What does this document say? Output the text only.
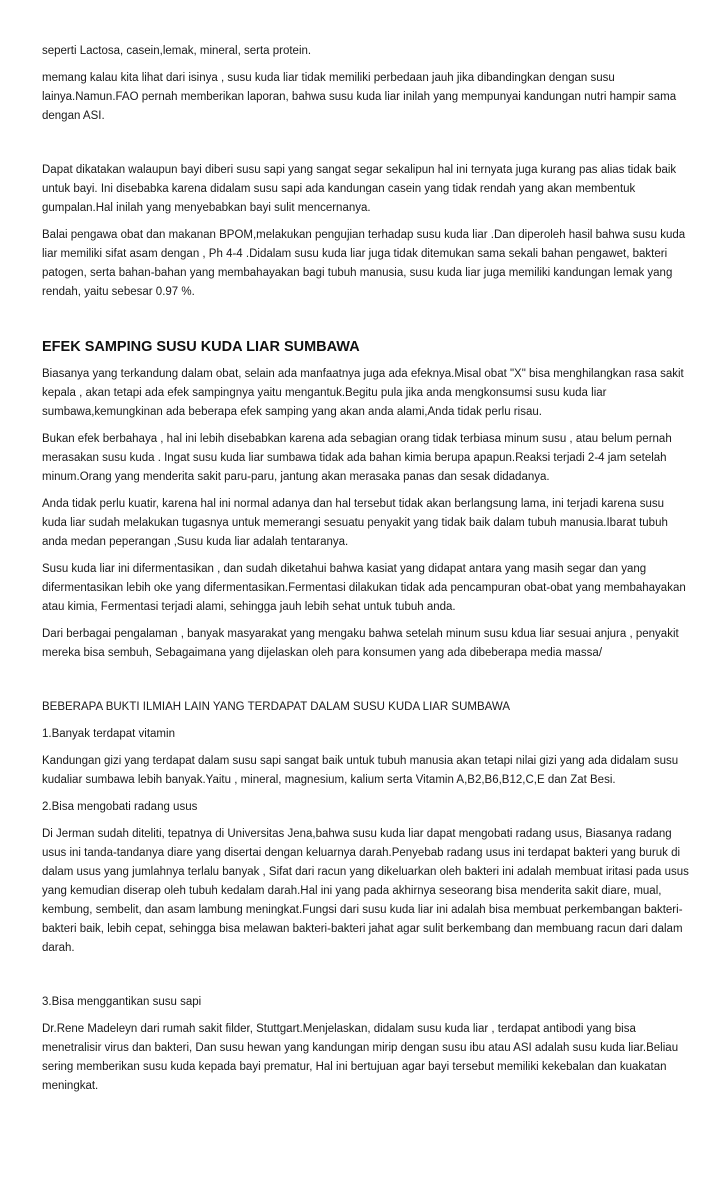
seperti Lactosa, casein,lemak, mineral, serta protein.

memang kalau kita lihat dari isinya , susu kuda liar tidak memiliki perbedaan jauh jika dibandingkan dengan susu lainya.Namun.FAO pernah memberikan laporan, bahwa susu kuda liar inilah yang mempunyai kandungan nutri hampir sama dengan ASI.

Dapat dikatakan walaupun bayi diberi susu sapi yang sangat segar sekalipun hal ini ternyata juga kurang pas alias tidak baik untuk bayi. Ini disebabka karena didalam susu sapi ada kandungan casein yang tidak rendah yang akan membentuk gumpalan.Hal inilah yang menyebabkan bayi sulit mencernanya.

Balai pengawa obat dan makanan BPOM,melakukan pengujian terhadap susu kuda liar .Dan diperoleh hasil bahwa susu kuda liar memiliki sifat asam dengan , Ph 4-4 .Didalam susu kuda liar juga tidak ditemukan sama sekali bahan pengawet, bakteri patogen, serta bahan-bahan yang membahayakan bagi tubuh manusia, susu kuda liar juga memiliki kandungan lemak yang rendah, yaitu sebesar 0.97 %.

EFEK SAMPING SUSU KUDA LIAR SUMBAWA

Biasanya yang terkandung dalam obat, selain ada manfaatnya juga ada efeknya.Misal obat "X" bisa menghilangkan rasa sakit kepala , akan tetapi ada efek sampingnya yaitu mengantuk.Begitu pula jika anda mengkonsumsi susu kuda liar sumbawa,kemungkinan ada beberapa efek samping yang akan anda alami,Anda tidak perlu risau.

Bukan efek berbahaya , hal ini lebih disebabkan karena ada sebagian orang tidak terbiasa minum susu , atau belum pernah merasakan susu kuda . Ingat susu kuda liar sumbawa tidak ada bahan kimia berupa apapun.Reaksi terjadi 2-4 jam setelah minum.Orang yang menderita sakit paru-paru, jantung akan merasaka panas dan sesak didadanya.

Anda tidak perlu kuatir, karena hal ini normal adanya dan hal tersebut tidak akan berlangsung lama, ini terjadi karena susu kuda liar sudah melakukan tugasnya untuk memerangi sesuatu penyakit yang tidak baik dalam tubuh manusia.Ibarat tubuh anda medan peperangan ,Susu kuda liar adalah tentaranya.

Susu kuda liar ini difermentasikan , dan sudah diketahui bahwa kasiat yang didapat antara yang masih segar dan yang difermentasikan lebih oke yang difermentasikan.Fermentasi dilakukan tidak ada pencampuran obat-obat yang membahayakan atau kimia, Fermentasi terjadi alami, sehingga jauh lebih sehat untuk tubuh anda.

Dari berbagai pengalaman , banyak masyarakat yang mengaku bahwa setelah minum susu kdua liar sesuai anjura , penyakit mereka bisa sembuh, Sebagaimana yang dijelaskan oleh para konsumen yang ada dibeberapa media massa/

BEBERAPA BUKTI ILMIAH LAIN YANG TERDAPAT DALAM SUSU KUDA LIAR SUMBAWA

1.Banyak terdapat vitamin

Kandungan gizi yang terdapat dalam susu sapi sangat baik untuk tubuh manusia akan tetapi nilai gizi yang ada didalam susu kudaliar sumbawa lebih banyak.Yaitu , mineral, magnesium, kalium serta Vitamin A,B2,B6,B12,C,E dan Zat Besi.

2.Bisa mengobati radang usus

Di Jerman sudah diteliti, tepatnya di Universitas Jena,bahwa susu kuda liar dapat mengobati radang usus, Biasanya radang usus ini tanda-tandanya diare yang disertai dengan keluarnya darah.Penyebab radang usus ini terdapat bakteri yang buruk di dalam usus yang jumlahnya terlalu banyak , Sifat dari racun yang dikeluarkan oleh bakteri ini adalah membuat iritasi pada usus yang kemudian diserap oleh tubuh kedalam darah.Hal ini yang pada akhirnya seseorang bisa menderita sakit diare, mual, kembung, sembelit, dan asam lambung meningkat.Fungsi dari susu kuda liar ini adalah bisa membuat perkembangan bakteri-bakteri baik, lebih cepat, sehingga bisa melawan bakteri-bakteri jahat agar sulit berkembang dan membuang racun dari dalam darah.

3.Bisa menggantikan susu sapi

Dr.Rene Madeleyn dari rumah sakit filder, Stuttgart.Menjelaskan, didalam susu kuda liar , terdapat antibodi yang bisa menetralisir virus dan bakteri, Dan susu hewan yang kandungan mirip dengan susu ibu atau ASI adalah susu kuda liar.Beliau sering memberikan susu kuda kepada bayi prematur, Hal ini bertujuan agar bayi tersebut memiliki kekebalan dan kuakatan meningkat.
